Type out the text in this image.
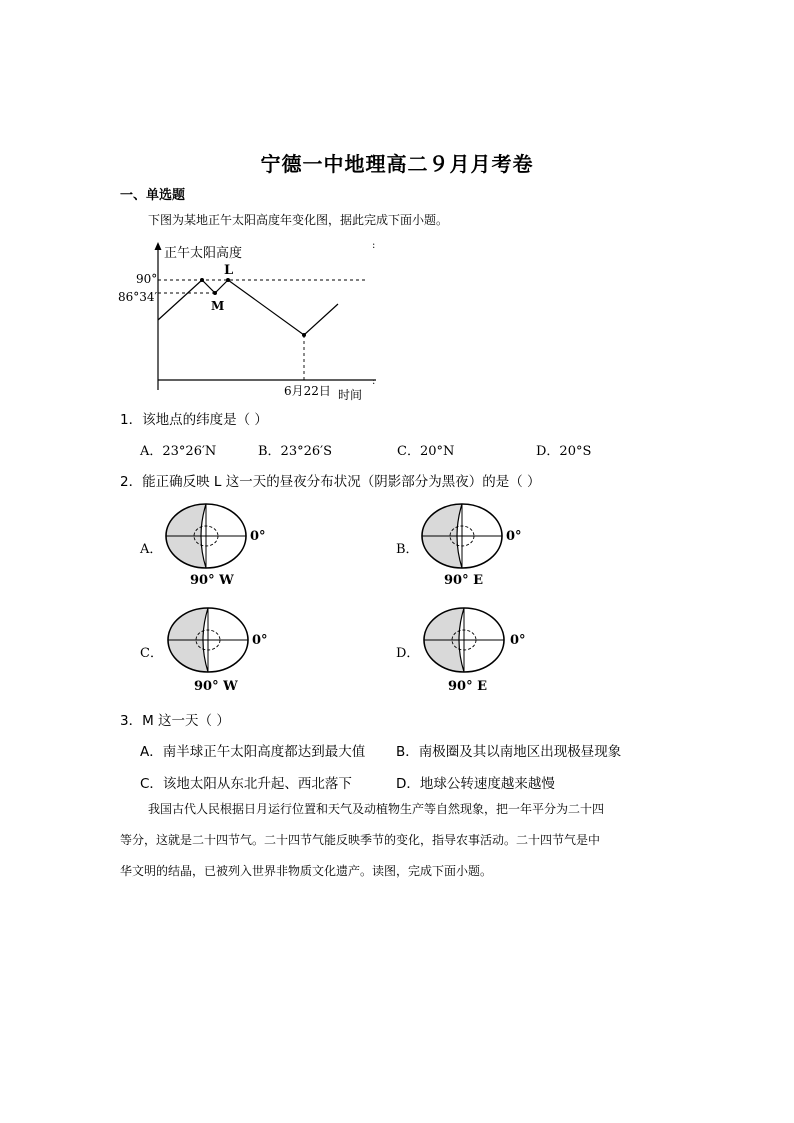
宁德一中地理高二９月月考卷
一、单选题
下图为某地正午太阳高度年变化图，据此完成下面小题。
正午太阳高度
90°
86°34′
L
M
6月22日 时间
:
:
1．该地点的纬度是（ ）
A．23°26′N	B．23°26′S	C．20°N	D．20°S
2．能正确反映 L 这一天的昼夜分布状况（阴影部分为黑夜）的是（ ）
A．
0°
90° W
B．
0°
90° E
C．
0°
90° W
D．
0°
90° E
3．M 这一天（ ）
A．南半球正午太阳高度都达到最大值 B．南极圈及其以南地区出现极昼现象
C．该地太阳从东北升起、西北落下	D．地球公转速度越来越慢
我国古代人民根据日月运行位置和天气及动植物生产等自然现象，把一年平分为二十四
等分，这就是二十四节气。二十四节气能反映季节的变化，指导农事活动。二十四节气是中
华文明的结晶，已被列入世界非物质文化遗产。读图，完成下面小题。
